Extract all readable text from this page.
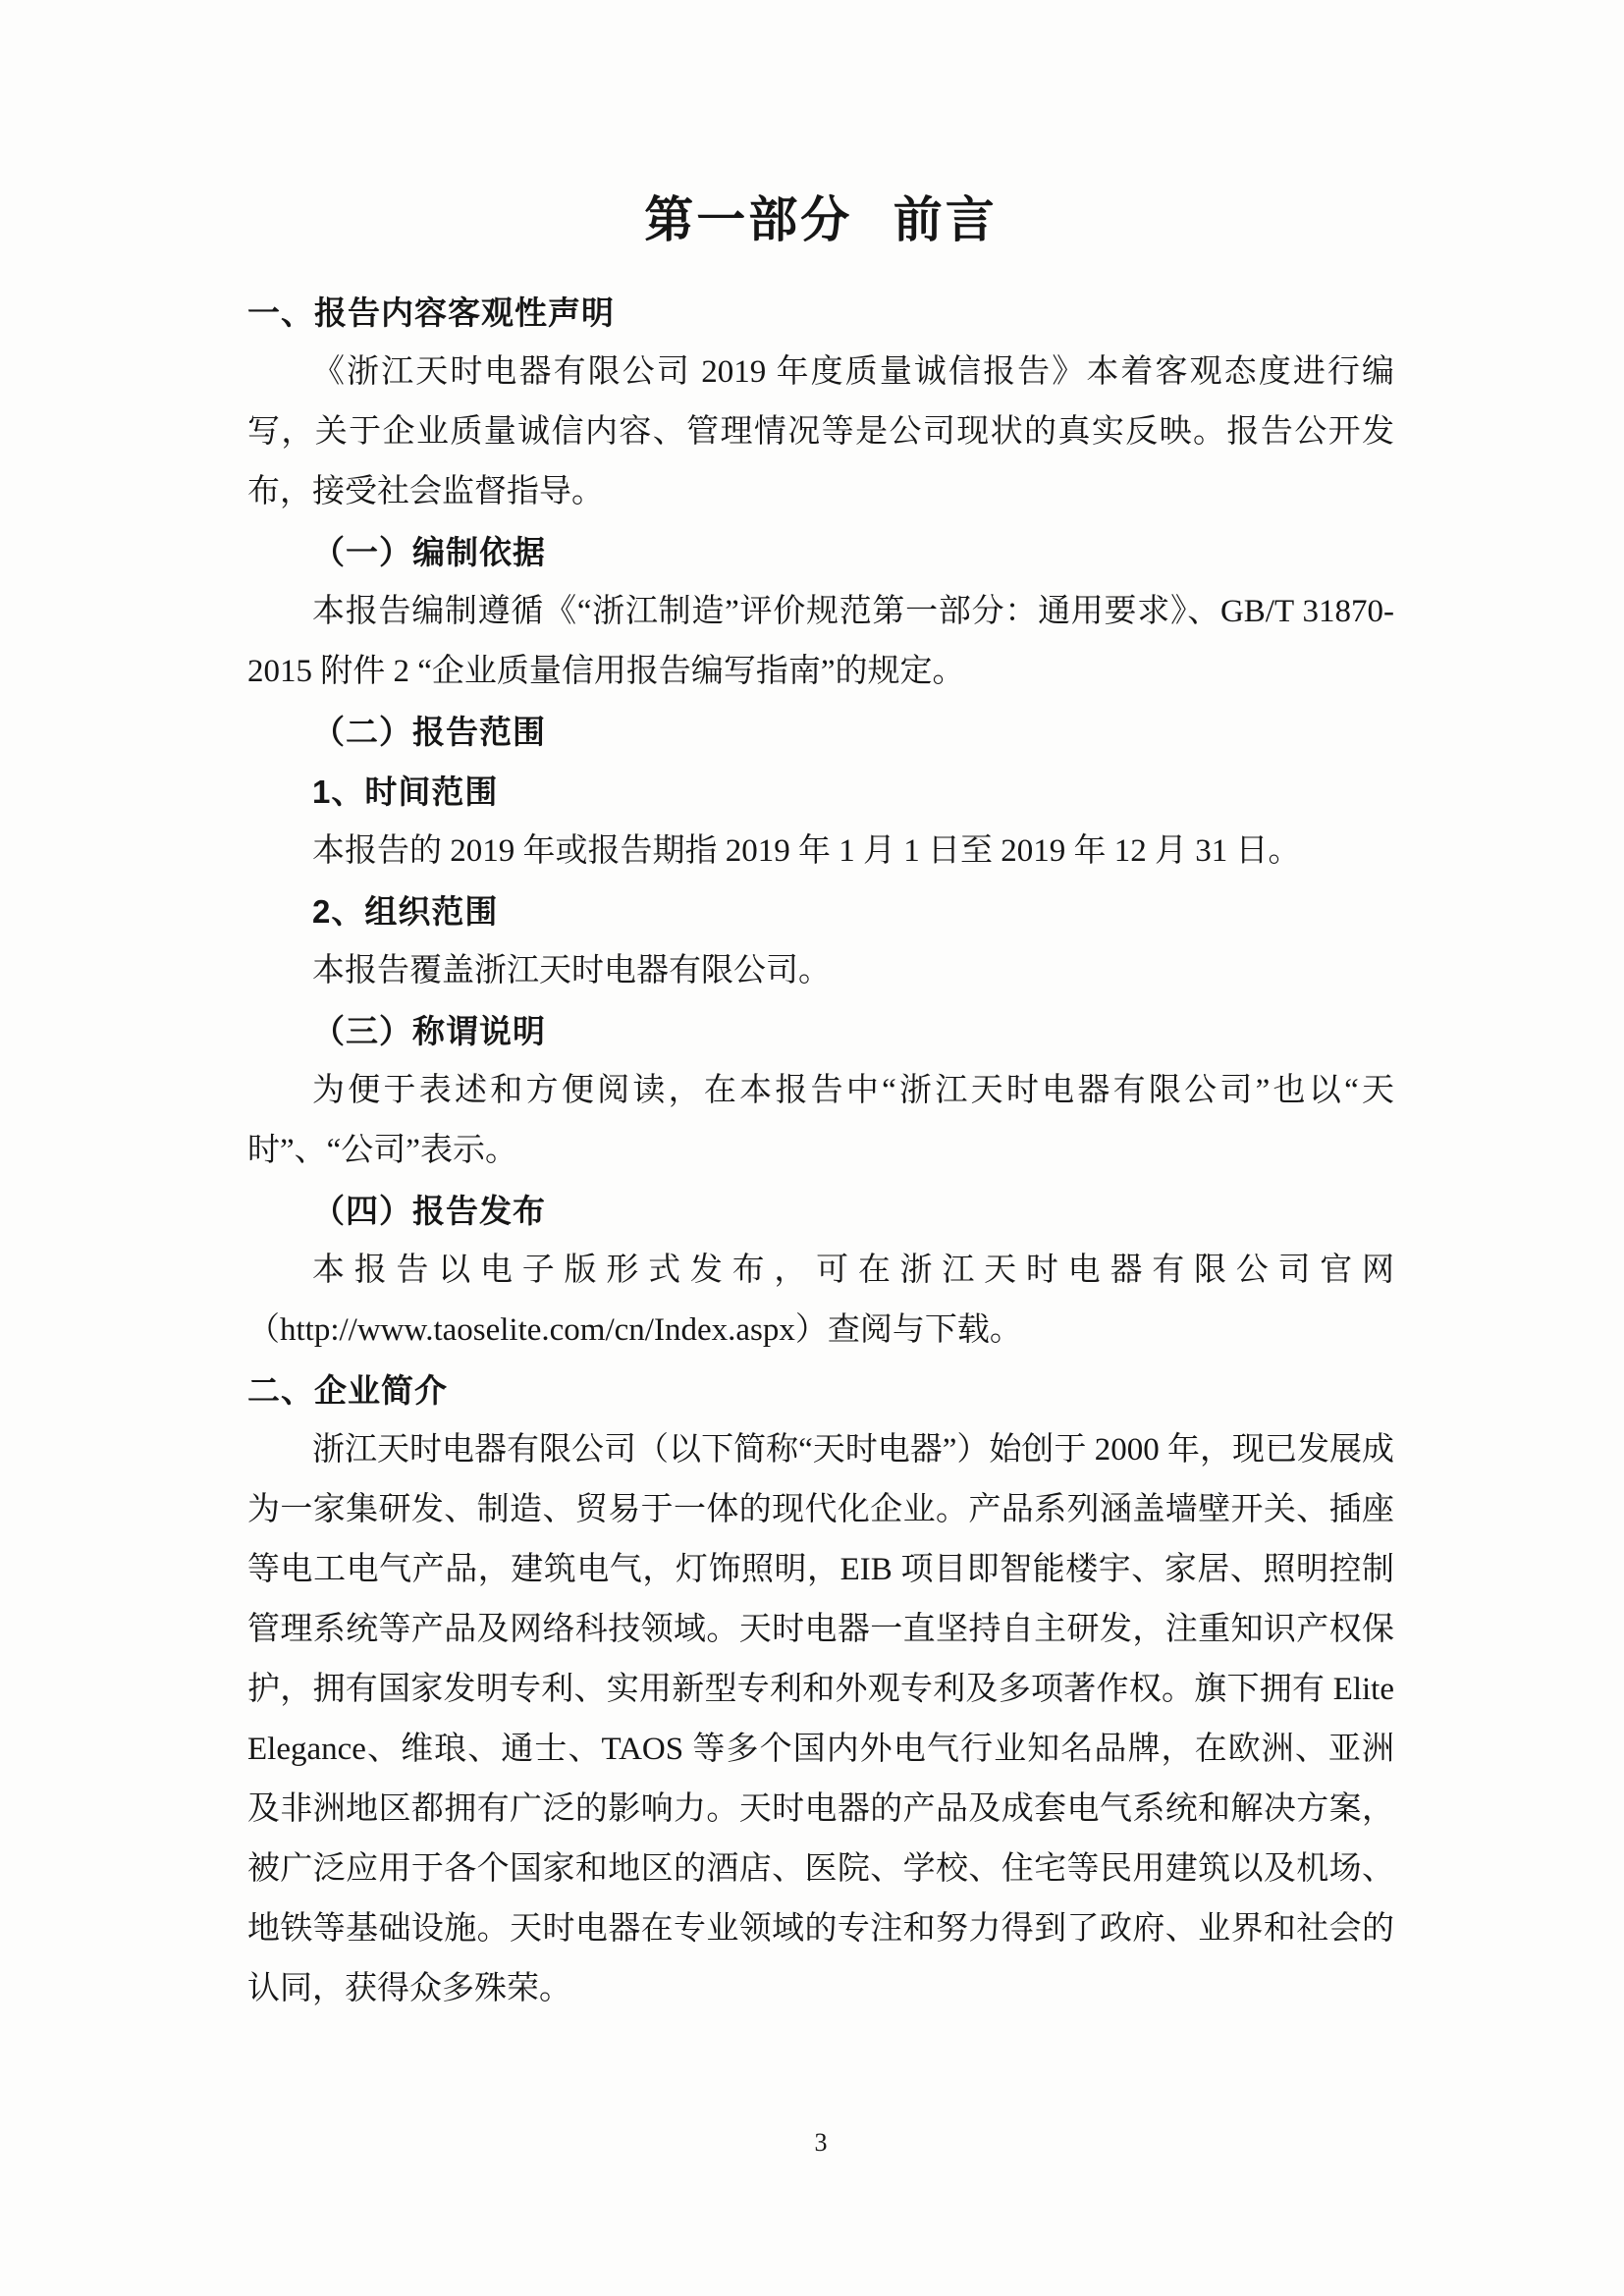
第一部分 前言
一、报告内容客观性声明

《浙江天时电器有限公司 2019 年度质量诚信报告》本着客观态度进行编写，关于企业质量诚信内容、管理情况等是公司现状的真实反映。报告公开发布，接受社会监督指导。

（一）编制依据

本报告编制遵循《“浙江制造”评价规范第一部分：通用要求》、GB/T 31870-2015 附件 2 “企业质量信用报告编写指南”的规定。

（二）报告范围
1、时间范围

本报告的 2019 年或报告期指 2019 年 1 月 1 日至 2019 年 12 月 31 日。

2、组织范围

本报告覆盖浙江天时电器有限公司。

（三）称谓说明

为便于表述和方便阅读，在本报告中“浙江天时电器有限公司”也以“天时”、“公司”表示。

（四）报告发布

本报告以电子版形式发布，可在浙江天时电器有限公司官网（http://www.taoselite.com/cn/Index.aspx）查阅与下载。

二、企业简介

浙江天时电器有限公司（以下简称“天时电器”）始创于 2000 年，现已发展成为一家集研发、制造、贸易于一体的现代化企业。产品系列涵盖墙壁开关、插座等电工电气产品，建筑电气，灯饰照明，EIB 项目即智能楼宇、家居、照明控制管理系统等产品及网络科技领域。天时电器一直坚持自主研发，注重知识产权保护，拥有国家发明专利、实用新型专利和外观专利及多项著作权。旗下拥有 Elite Elegance、维琅、通士、TAOS 等多个国内外电气行业知名品牌，在欧洲、亚洲及非洲地区都拥有广泛的影响力。天时电器的产品及成套电气系统和解决方案，被广泛应用于各个国家和地区的酒店、医院、学校、住宅等民用建筑以及机场、地铁等基础设施。天时电器在专业领域的专注和努力得到了政府、业界和社会的认同，获得众多殊荣。

3
